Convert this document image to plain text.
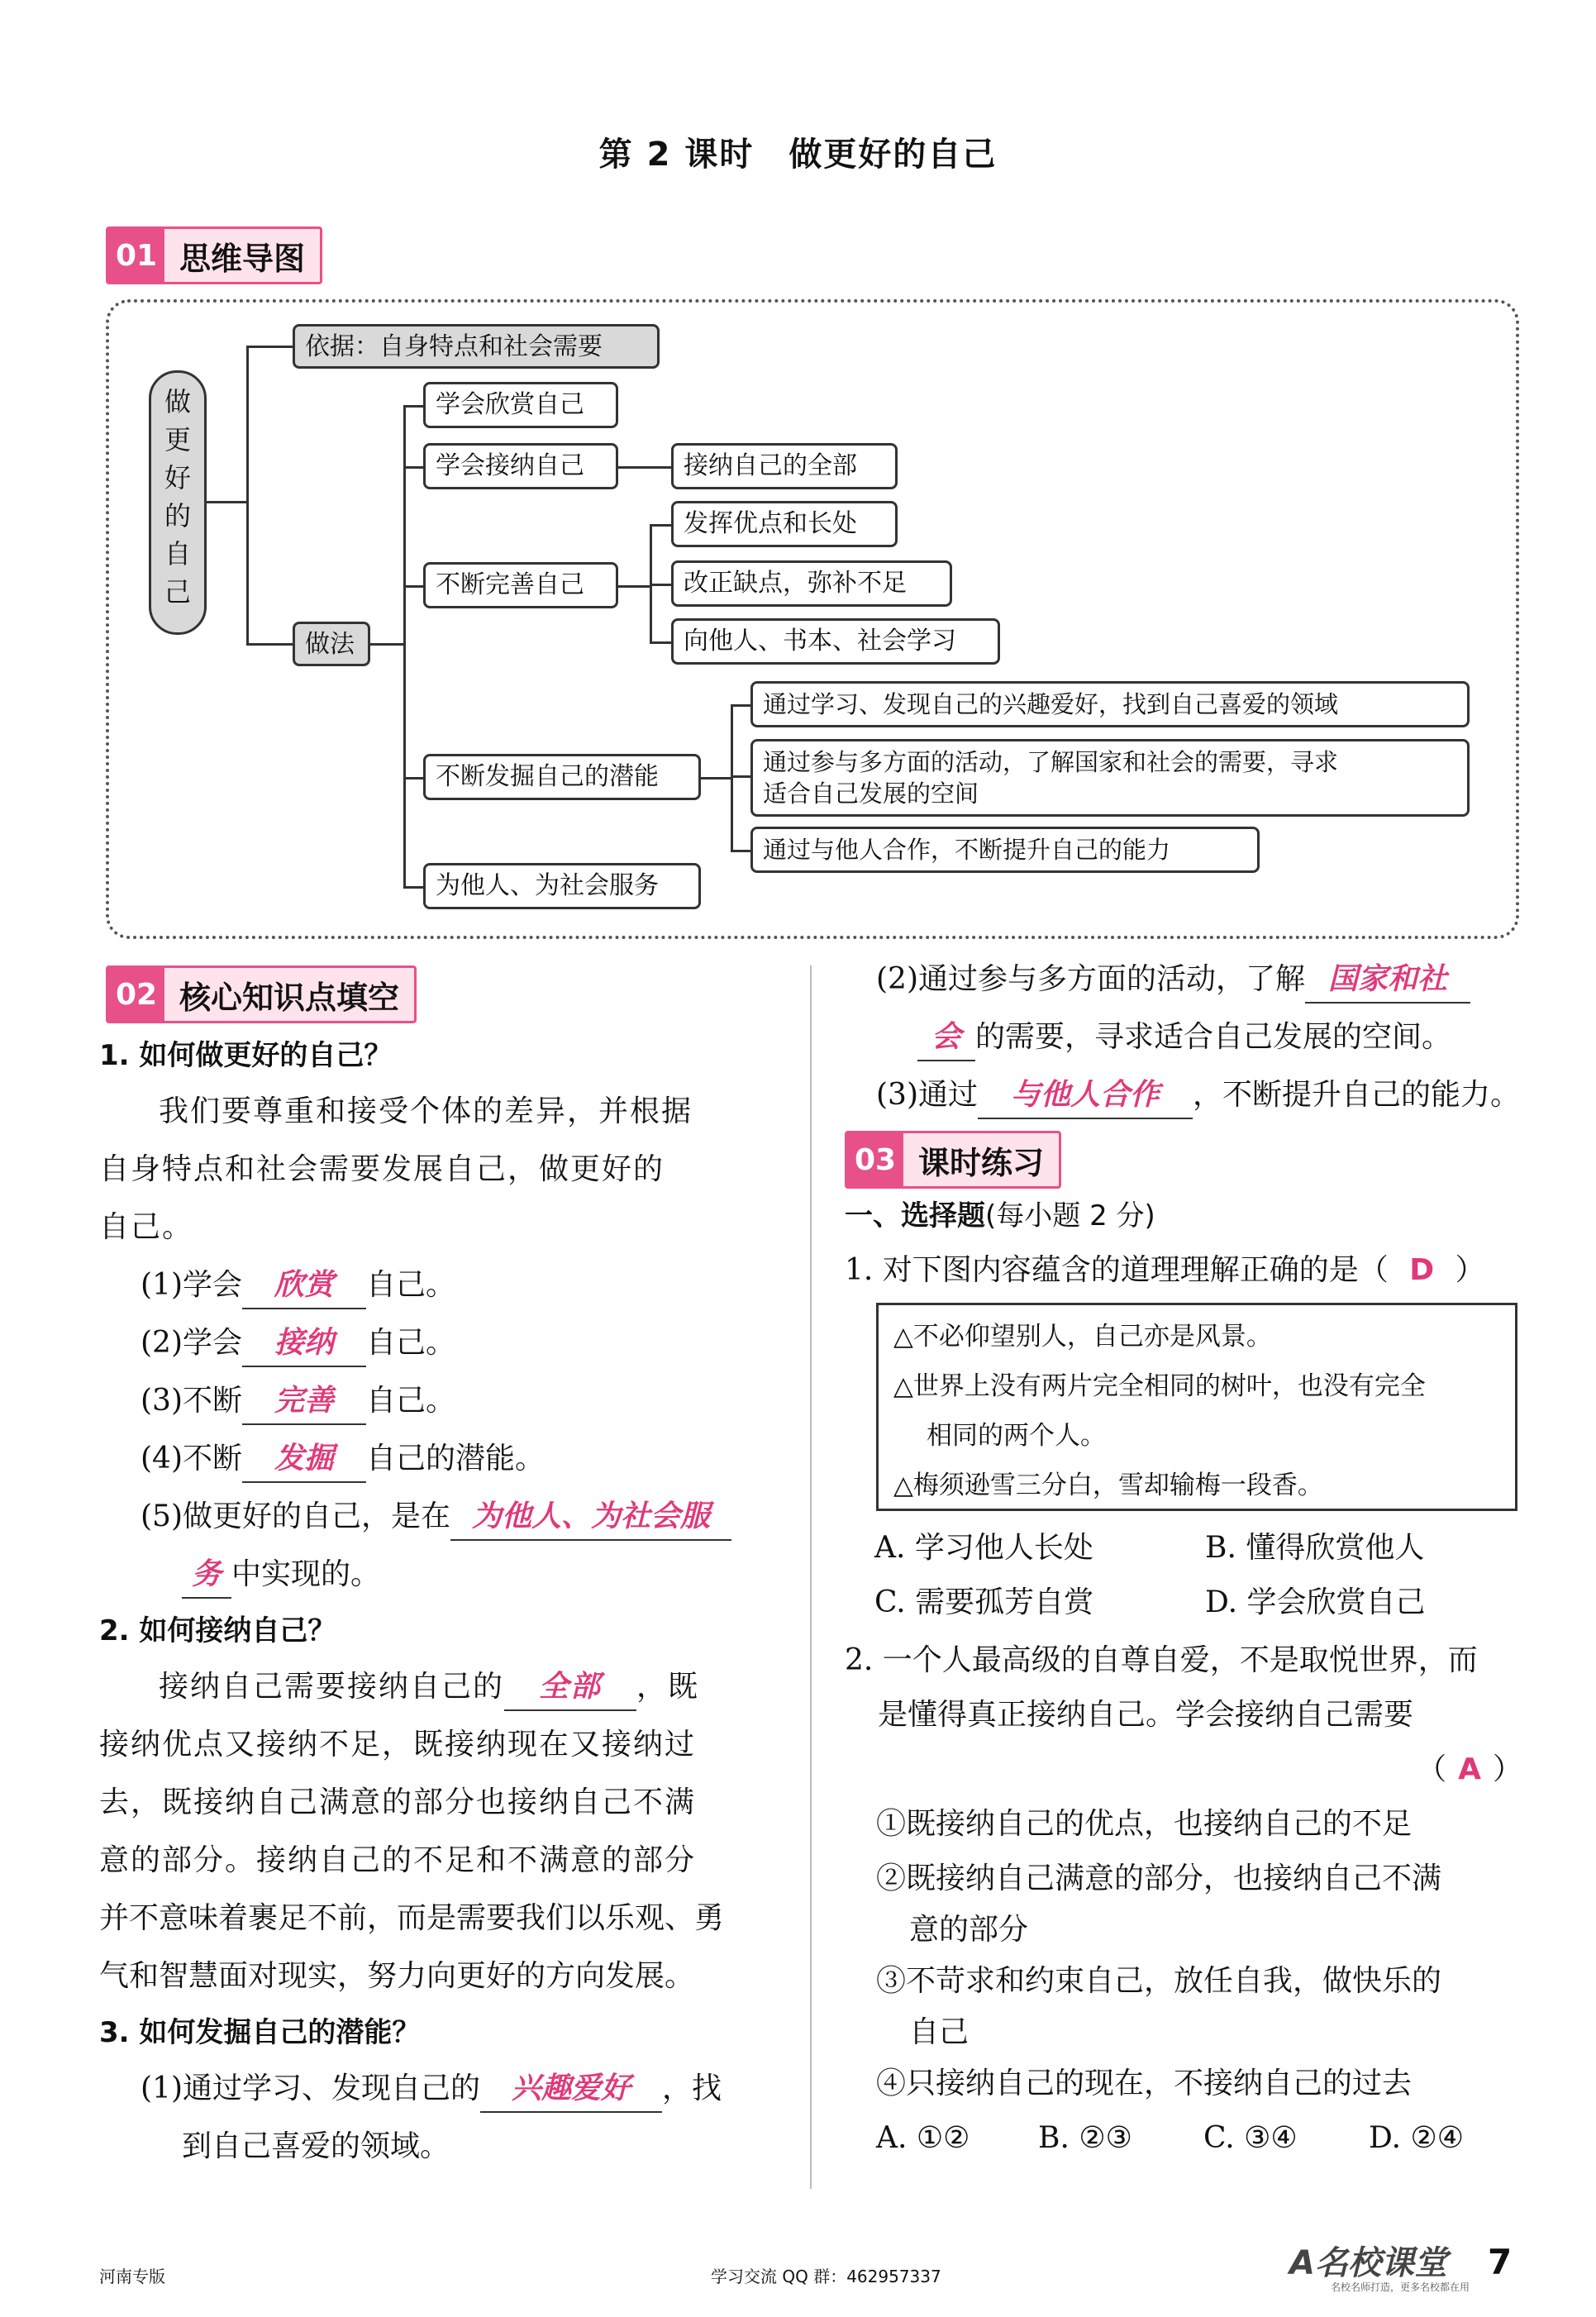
第 2 课时　做更好的自己
01 思维导图
做更好的自己
依据：自身特点和社会需要
做法
学会欣赏自己
学会接纳自己	接纳自己的全部
不断完善自己
发挥优点和长处
改正缺点，弥补不足
向他人、书本、社会学习
不断发掘自己的潜能
通过学习、发现自己的兴趣爱好，找到自己喜爱的领域
通过参与多方面的活动，了解国家和社会的需要，寻求
适合自己发展的空间
通过与他人合作，不断提升自己的能力
为他人、为社会服务
02 核心知识点填空
1. 如何做更好的自己？
我们要尊重和接受个体的差异，并根据
自身特点和社会需要发展自己，做更好的
自己。
(1)学会 欣赏 自己。
(2)学会 接纳 自己。
(3)不断 完善 自己。
(4)不断 发掘 自己的潜能。
(5)做更好的自己，是在 为他人、为社会服
务 中实现的。
2. 如何接纳自己？
接纳自己需要接纳自己的 全部 ，既
接纳优点又接纳不足，既接纳现在又接纳过
去，既接纳自己满意的部分也接纳自己不满
意的部分。接纳自己的不足和不满意的部分
并不意味着裹足不前，而是需要我们以乐观、勇
气和智慧面对现实，努力向更好的方向发展。
3. 如何发掘自己的潜能？
(1)通过学习、发现自己的 兴趣爱好 ，找
到自己喜爱的领域。
(2)通过参与多方面的活动，了解 国家和社
会 的需要，寻求适合自己发展的空间。
(3)通过 与他人合作 ，不断提升自己的能力。
03 课时练习
一、选择题(每小题 2 分)
1. 对下图内容蕴含的道理理解正确的是（ D ）
△不必仰望别人，自己亦是风景。
△世界上没有两片完全相同的树叶，也没有完全
相同的两个人。
△梅须逊雪三分白，雪却输梅一段香。
A. 学习他人长处	B. 懂得欣赏他人
C. 需要孤芳自赏	D. 学会欣赏自己
2. 一个人最高级的自尊自爱，不是取悦世界，而
是懂得真正接纳自己。学会接纳自己需要
（ A ）
①既接纳自己的优点，也接纳自己的不足
②既接纳自己满意的部分，也接纳自己不满
意的部分
③不苛求和约束自己，放任自我，做快乐的
自己
④只接纳自己的现在，不接纳自己的过去
A. ①②	B. ②③	C. ③④	D. ②④
河南专版	学习交流 QQ 群：462957337	A名校课堂
名校名师打造，更多名校都在用
7
